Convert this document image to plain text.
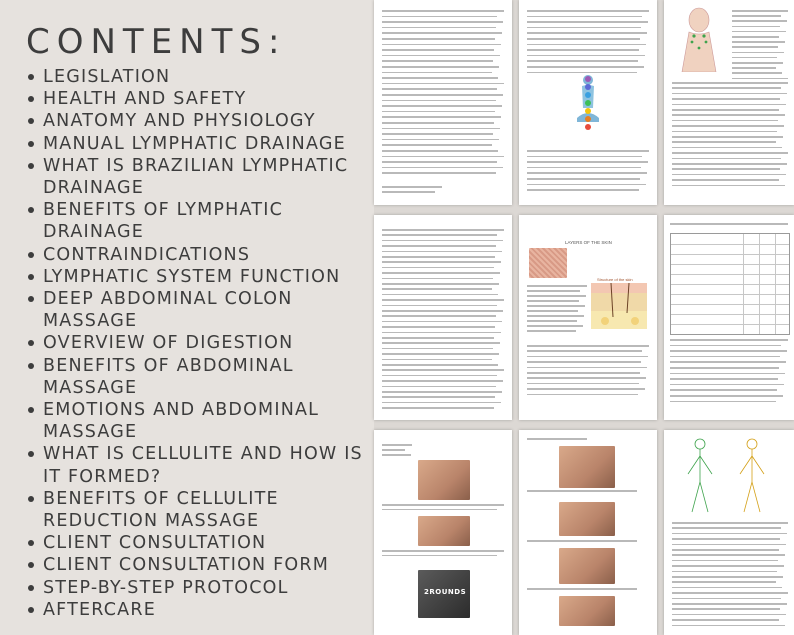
CONTENTS:
LEGISLATION
HEALTH AND SAFETY
ANATOMY AND PHYSIOLOGY
MANUAL LYMPHATIC DRAINAGE
WHAT IS BRAZILIAN LYMPHATIC DRAINAGE
BENEFITS OF LYMPHATIC DRAINAGE
CONTRAINDICATIONS
LYMPHATIC SYSTEM FUNCTION
DEEP ABDOMINAL COLON MASSAGE
OVERVIEW OF DIGESTION
BENEFITS OF ABDOMINAL MASSAGE
EMOTIONS AND ABDOMINAL MASSAGE
WHAT IS CELLULITE AND HOW IS IT FORMED?
BENEFITS OF CELLULITE REDUCTION MASSAGE
CLIENT CONSULTATION
CLIENT CONSULTATION FORM
STEP-BY-STEP PROTOCOL
AFTERCARE
LAYERS OF THE SKIN
Structure of the skin
2ROUNDS
